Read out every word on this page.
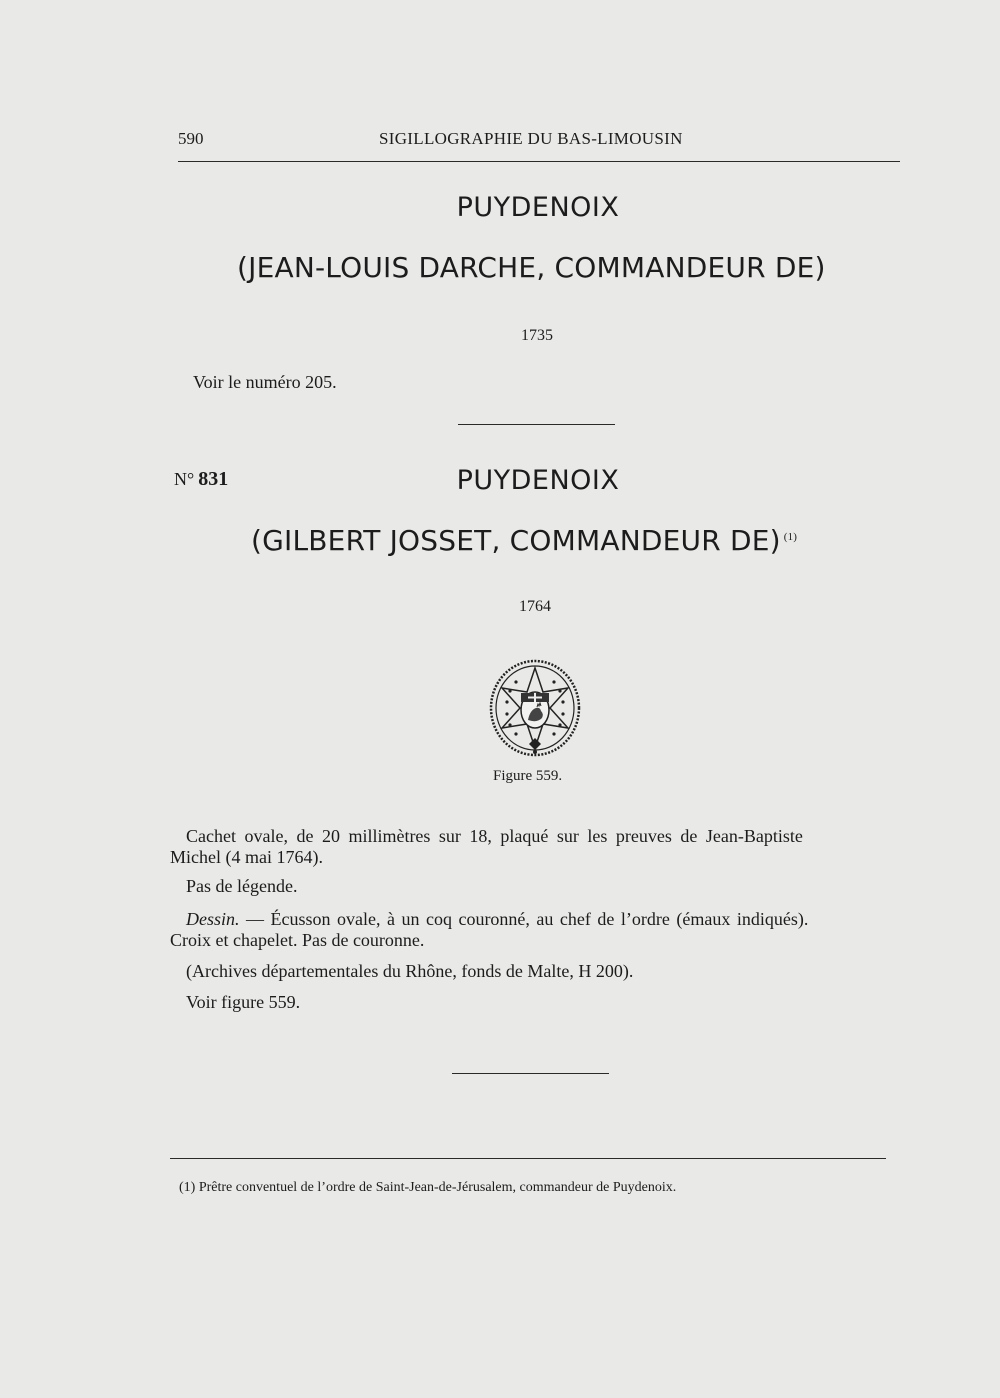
590	SIGILLOGRAPHIE DU BAS-LIMOUSIN
PUYDENOIX
(JEAN-LOUIS DARCHE, COMMANDEUR DE)
1735
Voir le numéro 205.
N° 831	PUYDENOIX
(GILBERT JOSSET, COMMANDEUR DE) $^{(1)}$
1764
Figure 559.
Cachet ovale, de 20 millimètres sur 18, plaqué sur les preuves de Jean-Baptiste
Michel (4 mai 1764).
Pas de légende.
Dessin. — Écusson ovale, à un coq couronné, au chef de l’ordre (émaux indiqués).
Croix et chapelet. Pas de couronne.
(Archives départementales du Rhône, fonds de Malte, H 200).
Voir figure 559.
(1) Prêtre conventuel de l’ordre de Saint-Jean-de-Jérusalem, commandeur de Puydenoix.
